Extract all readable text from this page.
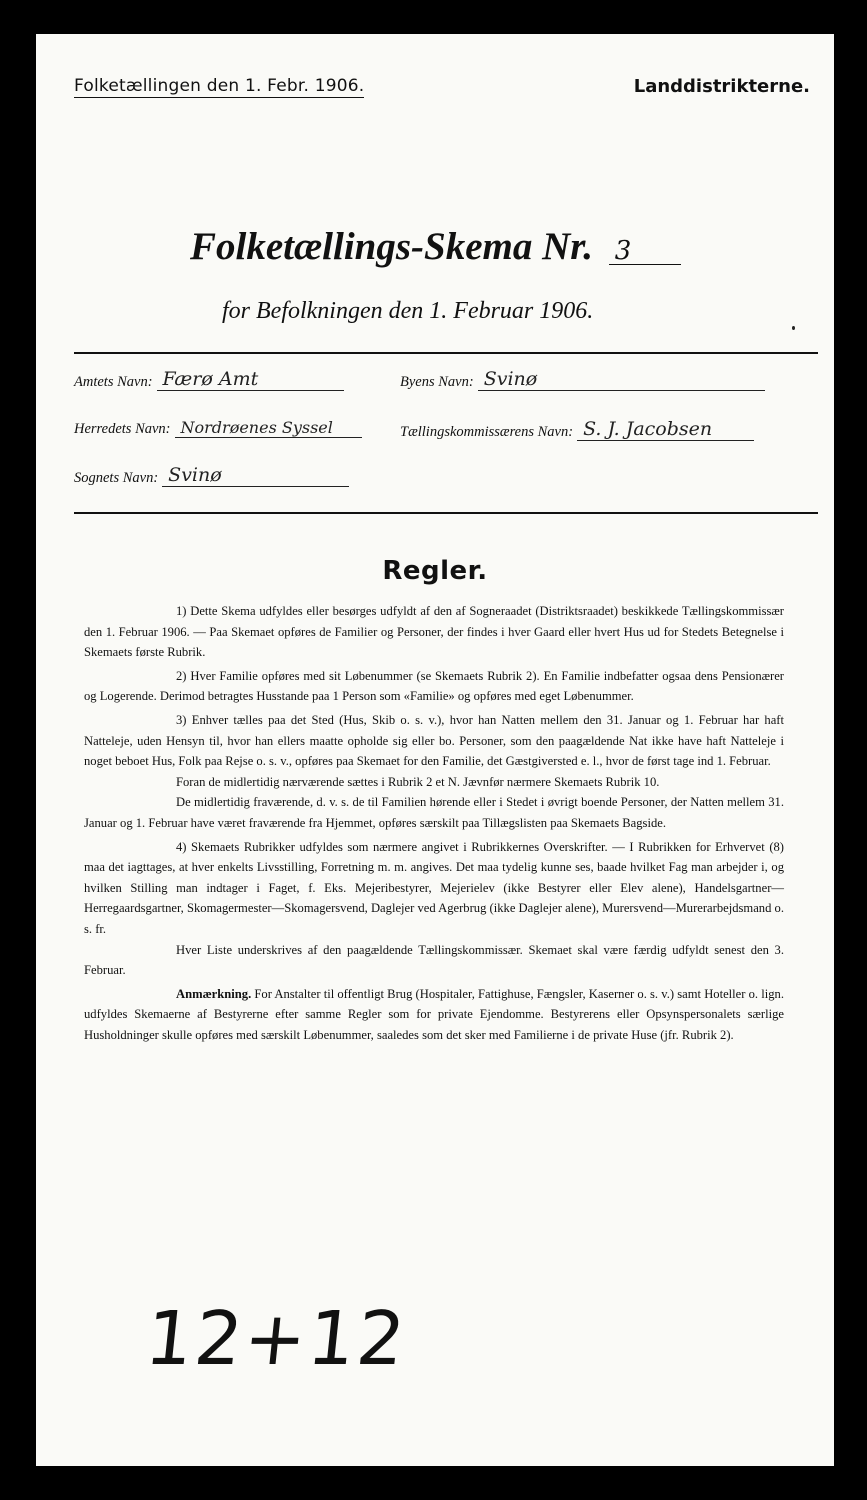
Folketællingen den 1. Febr. 1906.	Landdistrikterne.
Folketællings-Skema Nr. 3
for Befolkningen den 1. Februar 1906.
Amtets Navn: Færø Amt	Byens Navn: Svinø
Herredets Navn: Nordrøenes Syssel	Tællingskommissærens Navn: S. J. Jacobsen
Sognets Navn: Svinø
Regler.

1) Dette Skema udfyldes eller besørges udfyldt af den af Sogneraadet (Distriktsraadet) beskikkede Tællingskommissær den 1. Februar 1906. — Paa Skemaet opføres de Familier og Personer, der findes i hver Gaard eller hvert Hus ud for Stedets Betegnelse i Skemaets første Rubrik.

2) Hver Familie opføres med sit Løbenummer (se Skemaets Rubrik 2). En Familie indbefatter ogsaa dens Pensionærer og Logerende. Derimod betragtes Husstande paa 1 Person som «Familie» og opføres med eget Løbenummer.

3) Enhver tælles paa det Sted (Hus, Skib o. s. v.), hvor han Natten mellem den 31. Januar og 1. Februar har haft Natteleje, uden Hensyn til, hvor han ellers maatte opholde sig eller bo. Personer, som den paagældende Nat ikke have haft Natteleje i noget beboet Hus, Folk paa Rejse o. s. v., opføres paa Skemaet for den Familie, det Gæstgiversted e. l., hvor de først tage ind 1. Februar.

Foran de midlertidig nærværende sættes i Rubrik 2 et N. Jævnfør nærmere Skemaets Rubrik 10.

De midlertidig fraværende, d. v. s. de til Familien hørende eller i Stedet i øvrigt boende Personer, der Natten mellem 31. Januar og 1. Februar have været fraværende fra Hjemmet, opføres særskilt paa Tillægslisten paa Skemaets Bagside.

4) Skemaets Rubrikker udfyldes som nærmere angivet i Rubrikkernes Overskrifter. — I Rubrikken for Erhvervet (8) maa det iagttages, at hver enkelts Livsstilling, Forretning m. m. angives. Det maa tydelig kunne ses, baade hvilket Fag man arbejder i, og hvilken Stilling man indtager i Faget, f. Eks. Mejeribestyrer, Mejerielev (ikke Bestyrer eller Elev alene), Handelsgartner—Herregaardsgartner, Skomagermester—Skomagersvend, Daglejer ved Agerbrug (ikke Daglejer alene), Murersvend—Murerarbejdsmand o. s. fr.

Hver Liste underskrives af den paagældende Tællingskommissær. Skemaet skal være færdig udfyldt senest den 3. Februar.

Anmærkning. For Anstalter til offentligt Brug (Hospitaler, Fattighuse, Fængsler, Kaserner o. s. v.) samt Hoteller o. lign. udfyldes Skemaerne af Bestyrerne efter samme Regler som for private Ejendomme. Bestyrerens eller Opsynspersonalets særlige Husholdninger skulle opføres med særskilt Løbenummer, saaledes som det sker med Familierne i de private Huse (jfr. Rubrik 2).

12+12
